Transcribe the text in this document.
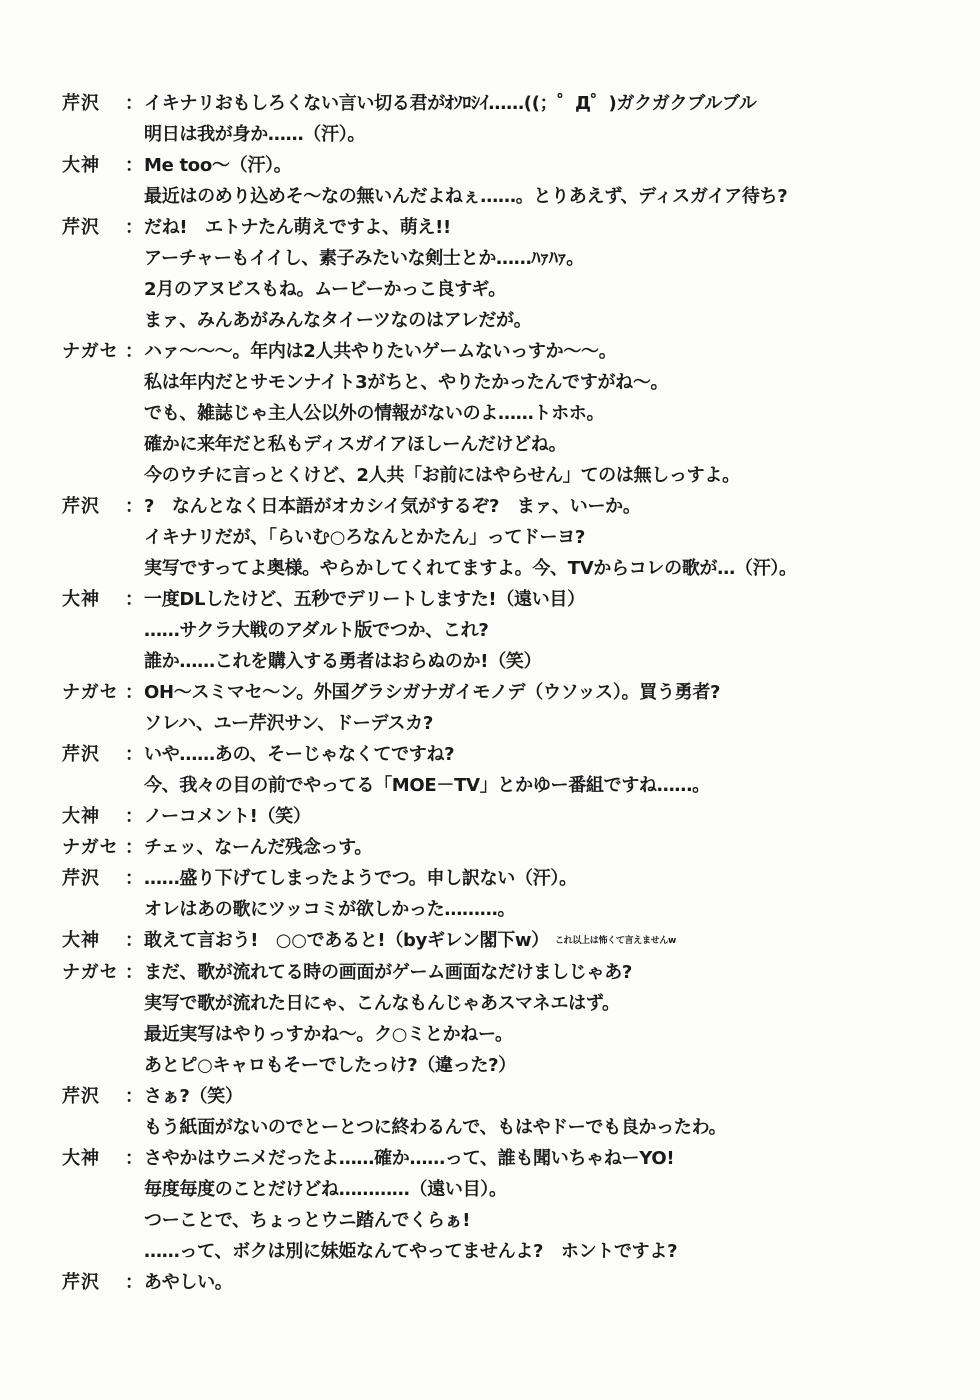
芹沢	： イキナリおもしろくない言い切る君がｵｿﾛｼｲ……((；゜Д゜)ガクガクブルブル
明日は我が身か……（汗）。
大神	： Me too～（汗）。
最近はのめり込めそ～なの無いんだよねぇ……。とりあえず、ディスガイア待ち?
芹沢	： だね!　エトナたん萌えですよ、萌え!!
アーチャーもイイし、素子みたいな剣士とか……ﾊｧﾊｧ。
2月のアヌビスもね。ムービーかっこ良すギ。
まァ、みんあがみんなタイーツなのはアレだが。
ナガセ ： ハァ～～～。年内は2人共やりたいゲームないっすか～～。
私は年内だとサモンナイト3がちと、やりたかったんですがね～。
でも、雑誌じゃ主人公以外の情報がないのよ……トホホ。
確かに来年だと私もディスガイアほしーんだけどね。
今のウチに言っとくけど、2人共「お前にはやらせん」てのは無しっすよ。
芹沢	： ?　なんとなく日本語がオカシイ気がするぞ?　まァ、いーか。
イキナリだが、「らいむ○ろなんとかたん」ってドーヨ?
実写ですってよ奥様。やらかしてくれてますよ。今、TVからコレの歌が…（汗）。
大神	： 一度DLしたけど、五秒でデリートしますた!（遠い目）
……サクラ大戦のアダルト版でつか、これ?
誰か……これを購入する勇者はおらぬのか!（笑）
ナガセ ： OH～スミマセ～ン。外国グラシガナガイモノデ（ウソッス）。買う勇者?
ソレハ、ユー芹沢サン、ドーデスカ?
芹沢	： いや……あの、そーじゃなくてですね?
今、我々の目の前でやってる「MOE－TV」とかゆー番組ですね……。
大神	： ノーコメント!（笑）
ナガセ ： チェッ、なーんだ残念っす。
芹沢	： ……盛り下げてしまったようでつ。申し訳ない（汗）。
オレはあの歌にツッコミが欲しかった………。
大神	： 敢えて言おう!　○○であると!（byギレン閣下w） これ以上は怖くて言えませんw
ナガセ ： まだ、歌が流れてる時の画面がゲーム画面なだけましじゃあ?
実写で歌が流れた日にゃ、こんなもんじゃあスマネエはず。
最近実写はやりっすかね～。ク○ミとかねー。
あとピ○キャロもそーでしたっけ?（違った?）
芹沢	： さぁ?（笑）
もう紙面がないのでとーとつに終わるんで、もはやドーでも良かったわ。
大神	： さやかはウニメだったよ……確か……って、誰も聞いちゃねーYO!
毎度毎度のことだけどね…………（遠い目）。
つーことで、ちょっとウニ踏んでくらぁ!
……って、ボクは別に妹姫なんてやってませんよ?　ホントですよ?
芹沢	： あやしい。
